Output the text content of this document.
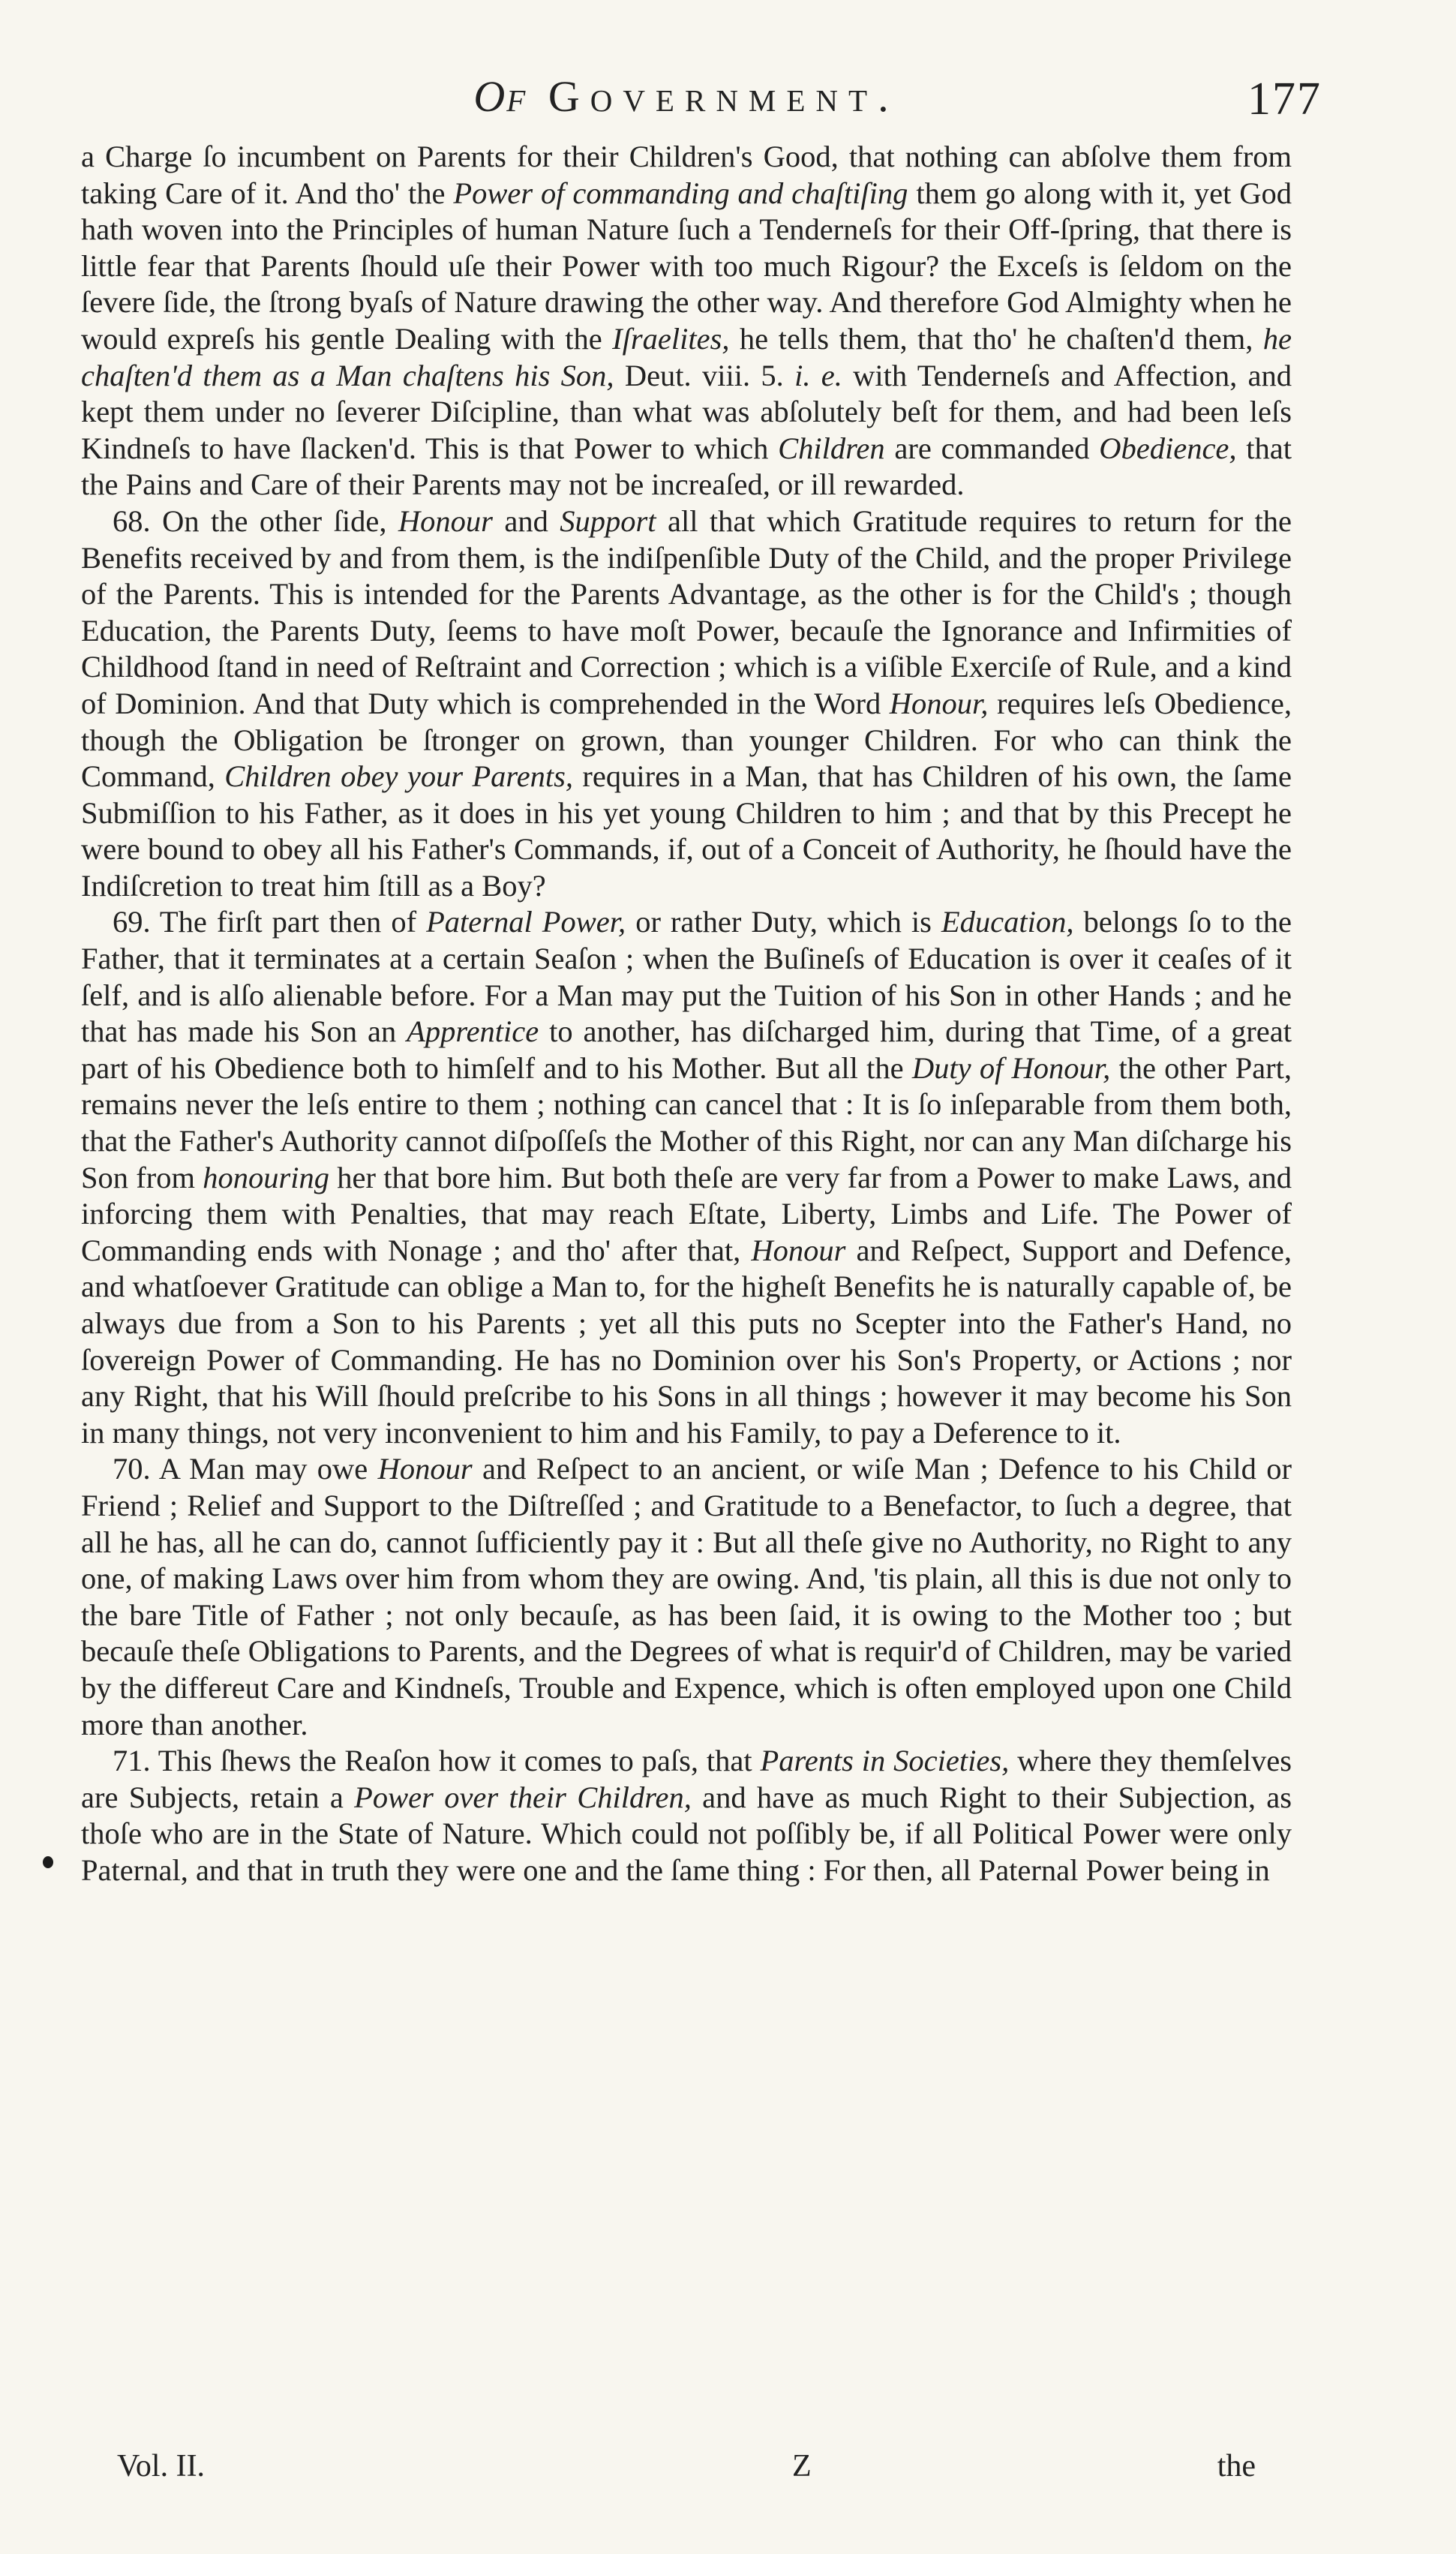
Of Government.	177

a Charge ſo incumbent on Parents for their Children's Good, that nothing can abſolve them from taking Care of it. And tho' the Power of commanding and chaſtiſing them go along with it, yet God hath woven into the Principles of human Nature ſuch a Tenderneſs for their Off-ſpring, that there is little fear that Parents ſhould uſe their Power with too much Rigour? the Exceſs is ſeldom on the ſevere ſide, the ſtrong byaſs of Nature drawing the other way. And therefore God Almighty when he would expreſs his gentle Dealing with the Iſraelites, he tells them, that tho' he chaſten'd them, he chaſten'd them as a Man chaſtens his Son, Deut. viii. 5. i. e. with Tenderneſs and Affection, and kept them under no ſeverer Diſcipline, than what was abſolutely beſt for them, and had been leſs Kindneſs to have ſlacken'd. This is that Power to which Children are commanded Obedience, that the Pains and Care of their Parents may not be increaſed, or ill rewarded.

68. On the other ſide, Honour and Support all that which Gratitude requires to return for the Benefits received by and from them, is the indiſpenſible Duty of the Child, and the proper Privilege of the Parents. This is intended for the Parents Advantage, as the other is for the Child's ; though Education, the Parents Duty, ſeems to have moſt Power, becauſe the Ignorance and Infirmities of Childhood ſtand in need of Reſtraint and Correction ; which is a viſible Exerciſe of Rule, and a kind of Dominion. And that Duty which is comprehended in the Word Honour, requires leſs Obedience, though the Obligation be ſtronger on grown, than younger Children. For who can think the Command, Children obey your Parents, requires in a Man, that has Children of his own, the ſame Submiſſion to his Father, as it does in his yet young Children to him ; and that by this Precept he were bound to obey all his Father's Commands, if, out of a Conceit of Authority, he ſhould have the Indiſcretion to treat him ſtill as a Boy?

69. The firſt part then of Paternal Power, or rather Duty, which is Education, belongs ſo to the Father, that it terminates at a certain Seaſon ; when the Buſineſs of Education is over it ceaſes of it ſelf, and is alſo alienable before. For a Man may put the Tuition of his Son in other Hands ; and he that has made his Son an Apprentice to another, has diſcharged him, during that Time, of a great part of his Obedience both to himſelf and to his Mother. But all the Duty of Honour, the other Part, remains never the leſs entire to them ; nothing can cancel that : It is ſo inſeparable from them both, that the Father's Authority cannot diſpoſſeſs the Mother of this Right, nor can any Man diſcharge his Son from honouring her that bore him. But both theſe are very far from a Power to make Laws, and inforcing them with Penalties, that may reach Eſtate, Liberty, Limbs and Life. The Power of Commanding ends with Nonage ; and tho' after that, Honour and Reſpect, Support and Defence, and whatſoever Gratitude can oblige a Man to, for the higheſt Benefits he is naturally capable of, be always due from a Son to his Parents ; yet all this puts no Scepter into the Father's Hand, no ſovereign Power of Commanding. He has no Dominion over his Son's Property, or Actions ; nor any Right, that his Will ſhould preſcribe to his Sons in all things ; however it may become his Son in many things, not very inconvenient to him and his Family, to pay a Deference to it.

70. A Man may owe Honour and Reſpect to an ancient, or wiſe Man ; Defence to his Child or Friend ; Relief and Support to the Diſtreſſed ; and Gratitude to a Benefactor, to ſuch a degree, that all he has, all he can do, cannot ſufficiently pay it : But all theſe give no Authority, no Right to any one, of making Laws over him from whom they are owing. And, 'tis plain, all this is due not only to the bare Title of Father ; not only becauſe, as has been ſaid, it is owing to the Mother too ; but becauſe theſe Obligations to Parents, and the Degrees of what is requir'd of Children, may be varied by the differeut Care and Kindneſs, Trouble and Expence, which is often employed upon one Child more than another.

71. This ſhews the Reaſon how it comes to paſs, that Parents in Societies, where they themſelves are Subjects, retain a Power over their Children, and have as much Right to their Subjection, as thoſe who are in the State of Nature. Which could not poſſibly be, if all Political Power were only Paternal, and that in truth they were one and the ſame thing : For then, all Paternal Power being in

Vol. II.	Z	the
